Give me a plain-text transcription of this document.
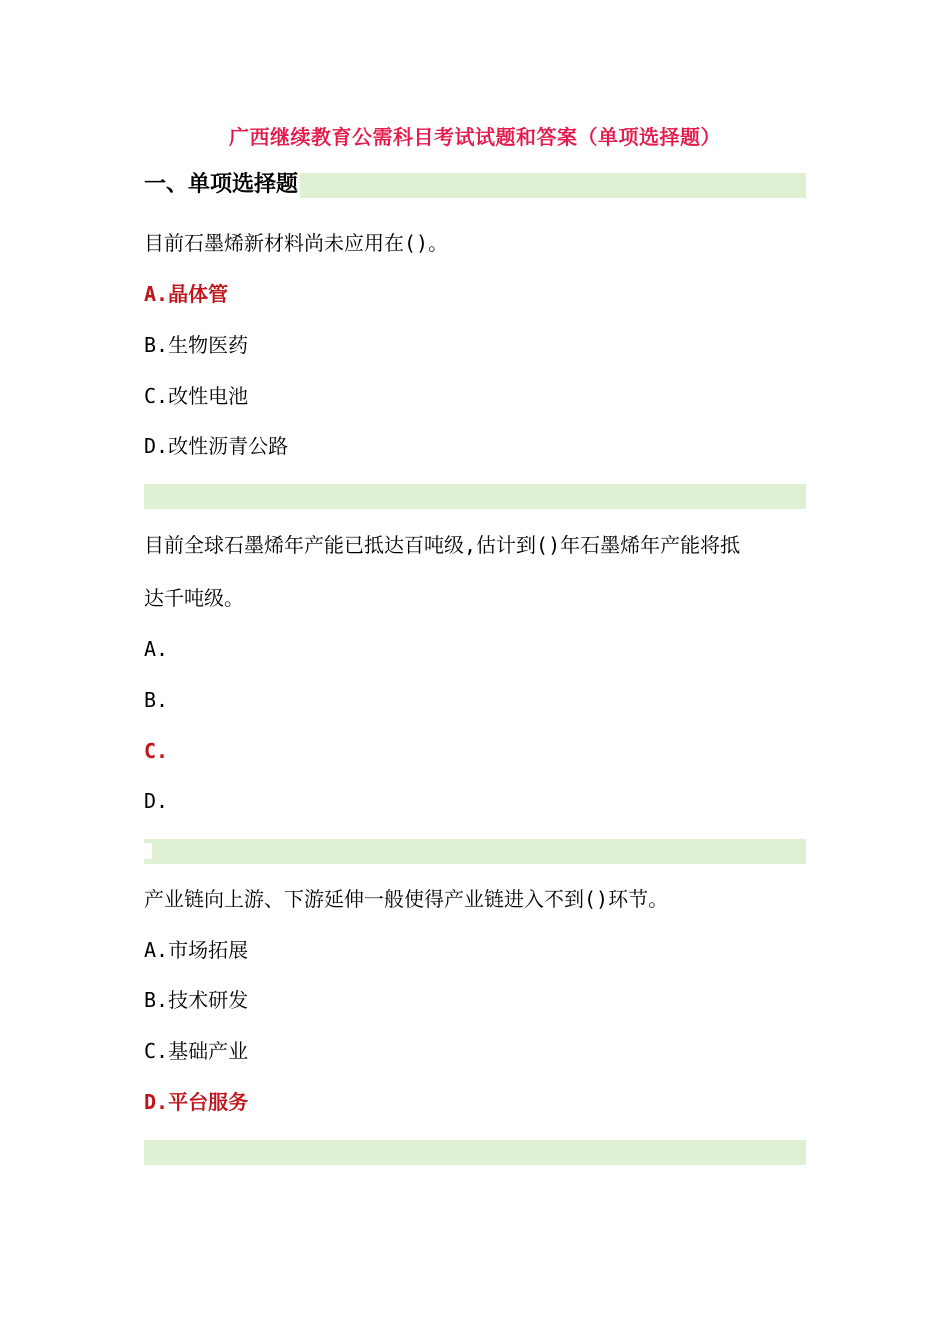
广西继续教育公需科目考试试题和答案（单项选择题）
一、单项选择题
目前石墨烯新材料尚未应用在()。
A.晶体管
B.生物医药
C.改性电池
D.改性沥青公路
目前全球石墨烯年产能已抵达百吨级,估计到()年石墨烯年产能将抵
达千吨级。
A.
B.
C.
D.
产业链向上游、下游延伸一般使得产业链进入不到()环节。
A.市场拓展
B.技术研发
C.基础产业
D.平台服务
